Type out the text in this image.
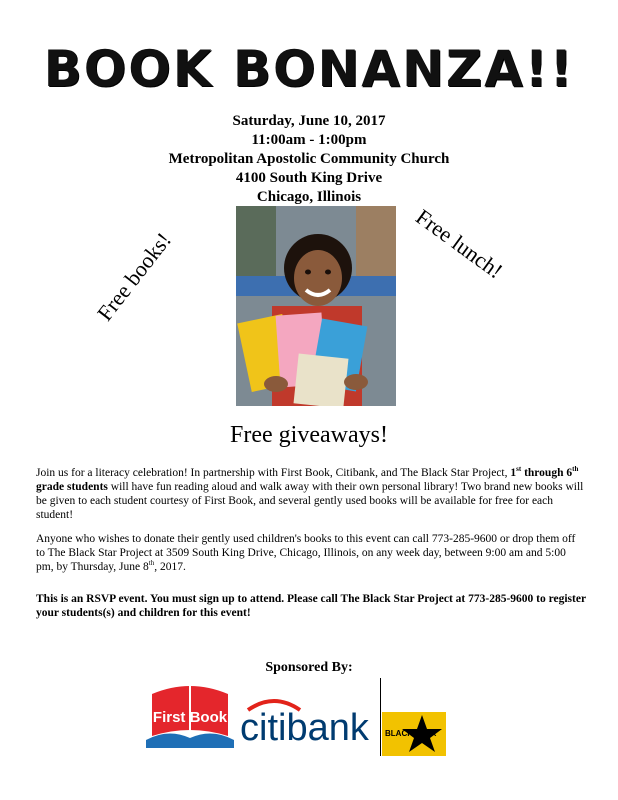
BOOK BONANZA!!
Saturday, June 10, 2017
11:00am - 1:00pm
Metropolitan Apostolic Community Church
4100 South King Drive
Chicago, Illinois
Free books!	Free lunch!
Free giveaways!
Join us for a literacy celebration! In partnership with First Book, Citibank, and The Black Star Project, 1st through 6th grade students will have fun reading aloud and walk away with their own personal library! Two brand new books will be given to each student courtesy of First Book, and several gently used books will be available for free for each student!
Anyone who wishes to donate their gently used children's books to this event can call 773-285-9600 or drop them off to The Black Star Project at 3509 South King Drive, Chicago, Illinois, on any week day, between 9:00 am and 5:00 pm, by Thursday, June 8th, 2017.
This is an RSVP event. You must sign up to attend. Please call The Black Star Project at 773-285-9600 to register your students(s) and children for this event!
Sponsored By:
First Book citibank BLACK STAR
